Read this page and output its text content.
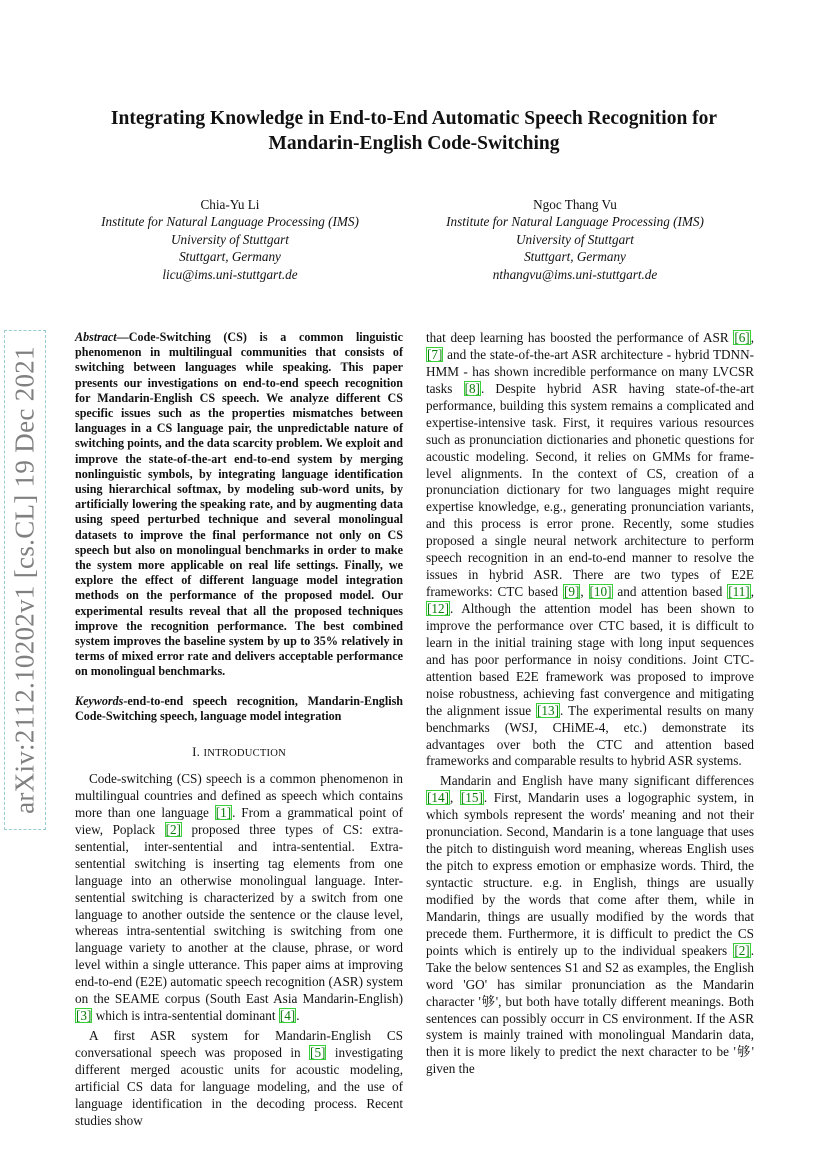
Integrating Knowledge in End-to-End Automatic Speech Recognition for
Mandarin-English Code-Switching
Chia-Yu Li
Institute for Natural Language Processing (IMS)
University of Stuttgart
Stuttgart, Germany
licu@ims.uni-stuttgart.de
Ngoc Thang Vu
Institute for Natural Language Processing (IMS)
University of Stuttgart
Stuttgart, Germany
nthangvu@ims.uni-stuttgart.de
arXiv:2112.10202v1 [cs.CL] 19 Dec 2021

Abstract—Code-Switching (CS) is a common linguistic phenomenon in multilingual communities that consists of switching between languages while speaking. This paper presents our investigations on end-to-end speech recognition for Mandarin-English CS speech. We analyze different CS specific issues such as the properties mismatches between languages in a CS language pair, the unpredictable nature of switching points, and the data scarcity problem. We exploit and improve the state-of-the-art end-to-end system by merging nonlinguistic symbols, by integrating language identification using hierarchical softmax, by modeling sub-word units, by artificially lowering the speaking rate, and by augmenting data using speed perturbed technique and several monolingual datasets to improve the final performance not only on CS speech but also on monolingual benchmarks in order to make the system more applicable on real life settings. Finally, we explore the effect of different language model integration methods on the performance of the proposed model. Our experimental results reveal that all the proposed techniques improve the recognition performance. The best combined system improves the baseline system by up to 35% relatively in terms of mixed error rate and delivers acceptable performance on monolingual benchmarks.

Keywords-end-to-end speech recognition, Mandarin-English Code-Switching speech, language model integration

I. INTRODUCTION

Code-switching (CS) speech is a common phenomenon in multilingual countries and defined as speech which contains more than one language [1]. From a grammatical point of view, Poplack [2] proposed three types of CS: extra-sentential, inter-sentential and intra-sentential. Extra-sentential switching is inserting tag elements from one language into an otherwise monolingual language. Inter-sentential switching is characterized by a switch from one language to another outside the sentence or the clause level, whereas intra-sentential switching is switching from one language variety to another at the clause, phrase, or word level within a single utterance. This paper aims at improving end-to-end (E2E) automatic speech recognition (ASR) system on the SEAME corpus (South East Asia Mandarin-English) [3] which is intra-sentential dominant [4].

A first ASR system for Mandarin-English CS conversational speech was proposed in [5] investigating different merged acoustic units for acoustic modeling, artificial CS data for language modeling, and the use of language identification in the decoding process. Recent studies show

that deep learning has boosted the performance of ASR [6], [7] and the state-of-the-art ASR architecture - hybrid TDNN-HMM - has shown incredible performance on many LVCSR tasks [8]. Despite hybrid ASR having state-of-the-art performance, building this system remains a complicated and expertise-intensive task. First, it requires various resources such as pronunciation dictionaries and phonetic questions for acoustic modeling. Second, it relies on GMMs for frame-level alignments. In the context of CS, creation of a pronunciation dictionary for two languages might require expertise knowledge, e.g., generating pronunciation variants, and this process is error prone. Recently, some studies proposed a single neural network architecture to perform speech recognition in an end-to-end manner to resolve the issues in hybrid ASR. There are two types of E2E frameworks: CTC based [9], [10] and attention based [11], [12]. Although the attention model has been shown to improve the performance over CTC based, it is difficult to learn in the initial training stage with long input sequences and has poor performance in noisy conditions. Joint CTC-attention based E2E framework was proposed to improve noise robustness, achieving fast convergence and mitigating the alignment issue [13]. The experimental results on many benchmarks (WSJ, CHiME-4, etc.) demonstrate its advantages over both the CTC and attention based frameworks and comparable results to hybrid ASR systems.

Mandarin and English have many significant differences [14], [15]. First, Mandarin uses a logographic system, in which symbols represent the words' meaning and not their pronunciation. Second, Mandarin is a tone language that uses the pitch to distinguish word meaning, whereas English uses the pitch to express emotion or emphasize words. Third, the syntactic structure. e.g. in English, things are usually modified by the words that come after them, while in Mandarin, things are usually modified by the words that precede them. Furthermore, it is difficult to predict the CS points which is entirely up to the individual speakers [2]. Take the below sentences S1 and S2 as examples, the English word 'GO' has similar pronunciation as the Mandarin character '够', but both have totally different meanings. Both sentences can possibly occurr in CS environment. If the ASR system is mainly trained with monolingual Mandarin data, then it is more likely to predict the next character to be '够' given the
